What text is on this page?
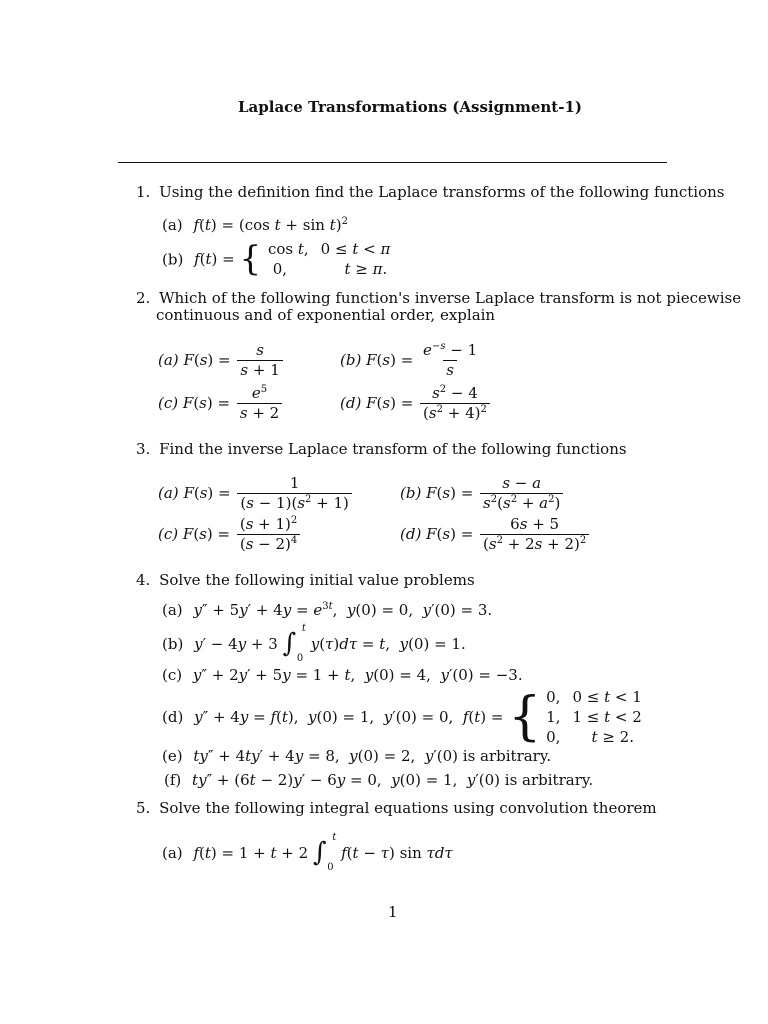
Laplace Transformations (Assignment-1)
1. Using the definition find the Laplace transforms of the following functions
(a) f(t) = (cos t + sin t)$^2$
(b) f(t) = { cos t, 0 ≤ t < π
0,	t ≥ π.
2. Which of the following function's inverse Laplace transform is not piecewise
continuous and of exponential order, explain
(a) $F(s) = \frac{s}{s + 1}$	(b) $F(s) = \frac{e^{-s} - 1}{s}$
(c) $F(s) = \frac{e^5}{s + 2}$	(d) $F(s) = \frac{s^2 - 4}{(s^2 + 4)^2}$
3. Find the inverse Laplace transform of the following functions
(a) $F(s) = \frac{1}{(s - 1)(s^2 + 1)}$	(b) $F(s) = \frac{s - a}{s^2(s^2 + a^2)}$
(c) $F(s) = \frac{(s + 1)^2}{(s - 2)^4}$	(d) $F(s) = \frac{6s + 5}{(s^2 + 2s + 2)^2}$
4. Solve the following initial value problems
(a) $y'' + 5y' + 4y = e^{3t}$,  y(0) = 0,  y′(0) = 3.
(b) y′ − 4y + 3 ∫ t
0
y(τ)dτ = t,  y(0) = 1.
(c) y″ + 2y′ + 5y = 1 + t,  y(0) = 4,  y′(0) = −3.
(d) y″ + 4y = f(t),  y(0) = 1,  y′(0) = 0,  f(t) = { 0, 0 ≤ t < 1
1, 1 ≤ t < 2
0,	t ≥ 2.
(e) ty″ + 4ty′ + 4y = 8,  y(0) = 2,  y′(0) is arbitrary.
(f) ty″ + (6t − 2)y′ − 6y = 0,  y(0) = 1,  y′(0) is arbitrary.
5. Solve the following integral equations using convolution theorem
(a) f(t) = 1 + t + 2 ∫ t
0
f(t − τ) sin τdτ
1
